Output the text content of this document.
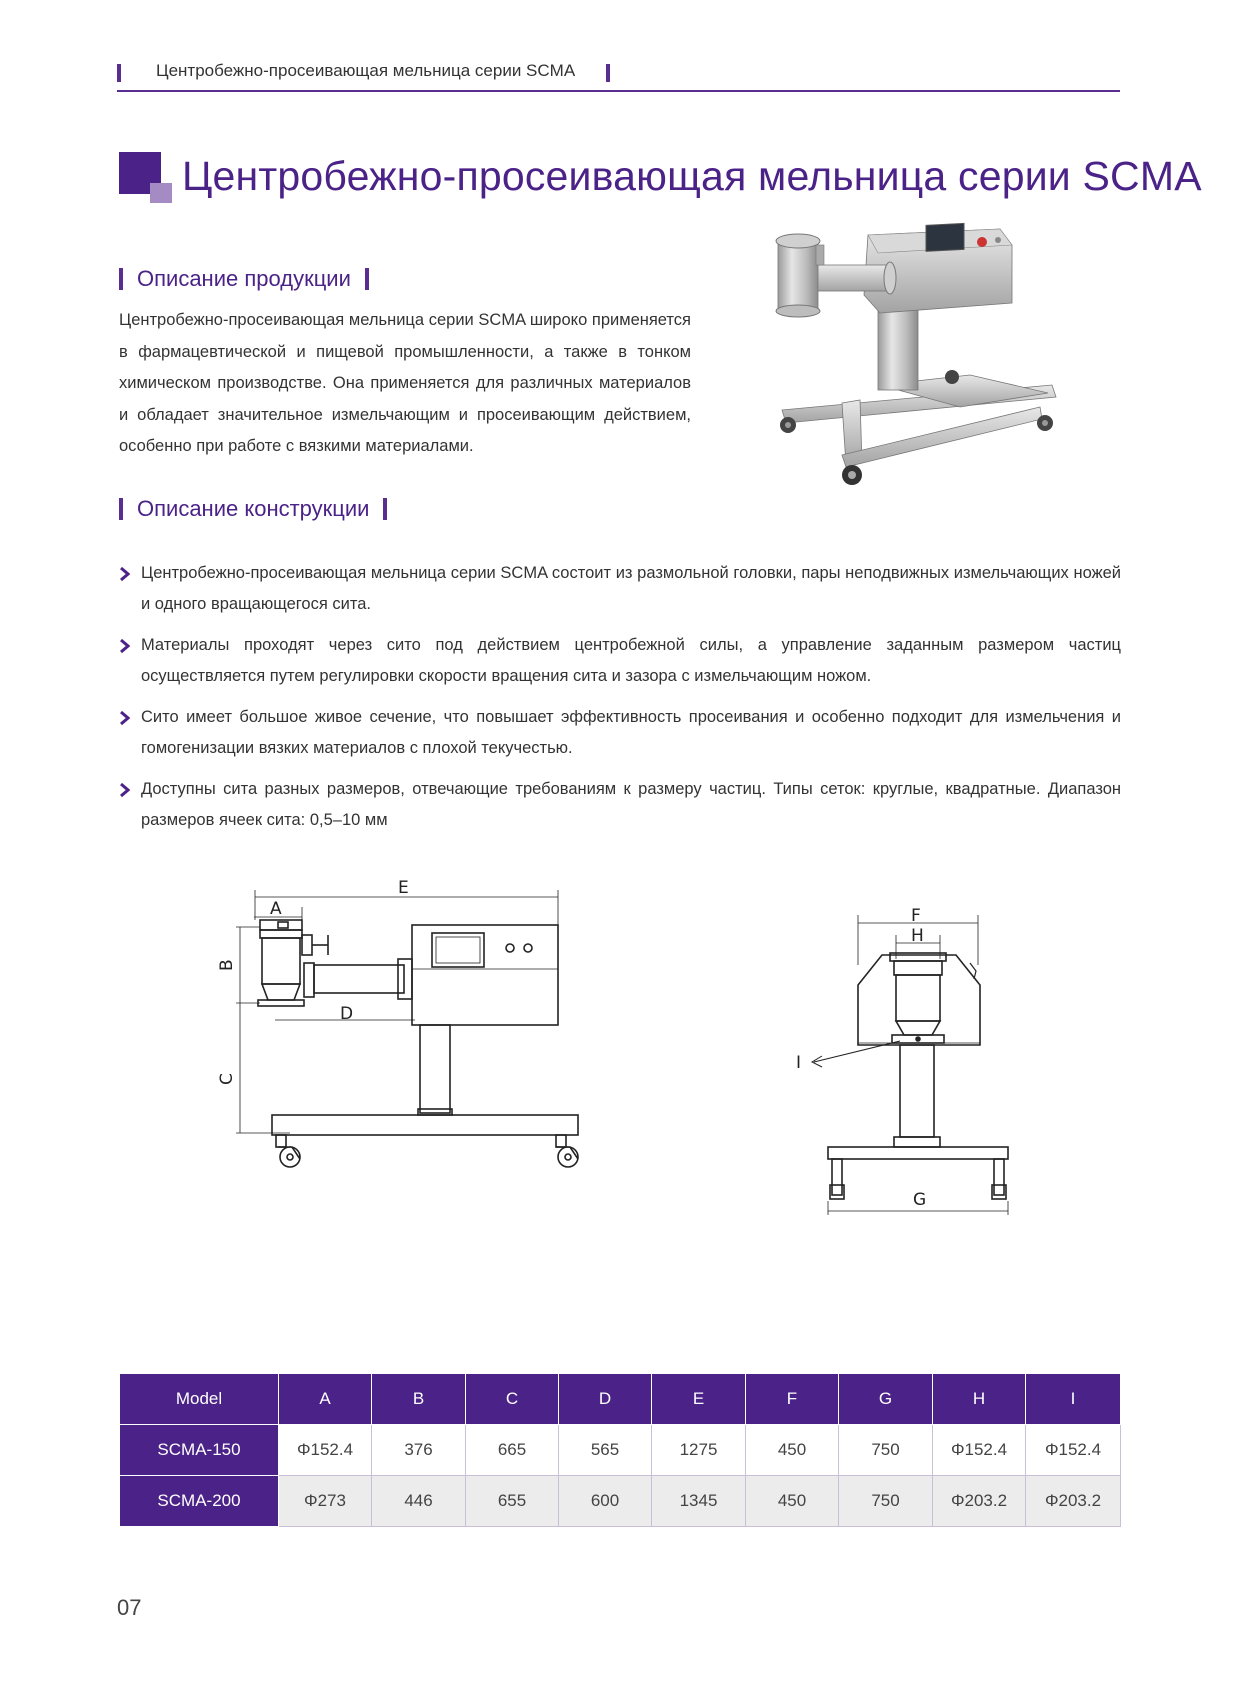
Центробежно-просеивающая мельница серии SCMA
Центробежно-просеивающая мельница серии SCMA
Описание продукции
Центробежно-просеивающая мельница серии SCMA широко применяется в фармацевтической и пищевой промышленности, а также в тонком химическом производстве. Она применяется для различных материалов и обладает значительное измельчающим и просеивающим действием, особенно при работе с вязкими материалами.
Описание конструкции
Центробежно-просеивающая мельница серии SCMA состоит из размольной головки, пары неподвижных измельчающих ножей и одного вращающегося сита.
Материалы проходят через сито под действием центробежной силы, а управление заданным размером частиц осуществляется путем регулировки скорости вращения сита и зазора с измельчающим ножом.
Сито имеет большое живое сечение, что повышает эффективность просеивания и особенно подходит для измельчения и гомогенизации вязких материалов с плохой текучестью.
Доступны сита разных размеров, отвечающие требованиям к размеру частиц. Типы сеток: круглые, квадратные. Диапазон размеров ячеек сита: 0,5–10 мм
E
A
B
C
D
F
H
I
G
Model	A	B	C	D	E	F	G	H	I
SCMA-150	Φ152.4	376	665	565	1275	450	750	Φ152.4	Φ152.4
SCMA-200	Φ273	446	655	600	1345	450	750	Φ203.2	Φ203.2
07
